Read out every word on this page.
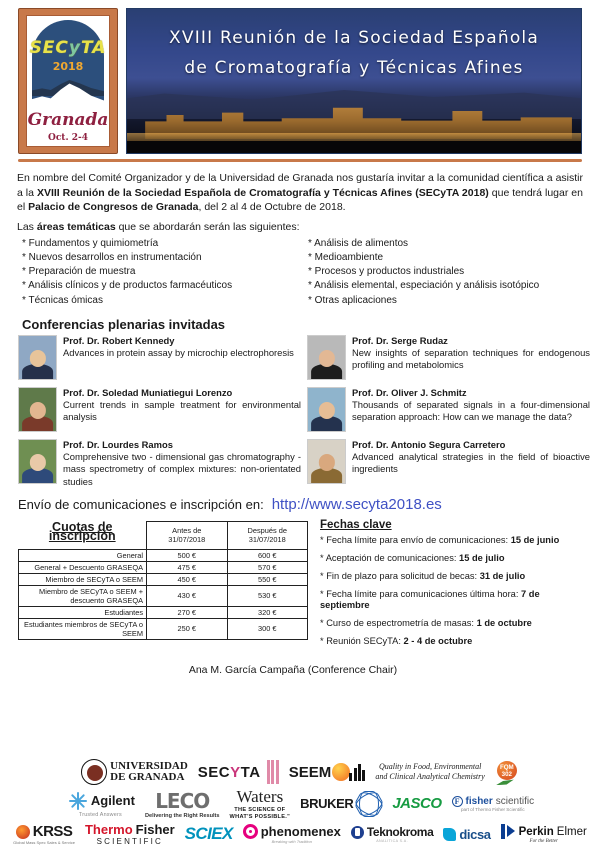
SECyTA
2018
Granada
Oct. 2-4
XVIII Reunión de la Sociedad Española
de Cromatografía y Técnicas Afines

En nombre del Comité Organizador y de la Universidad de Granada nos gustaría invitar a la comunidad científica a asistir a la XVIII Reunión de la Sociedad Española de Cromatografía y Técnicas Afines (SECyTA 2018) que tendrá lugar en el Palacio de Congresos de Granada, del 2 al 4 de Octubre de 2018.

Las áreas temáticas que se abordarán serán las siguientes:

* Fundamentos y quimiometría
* Nuevos desarrollos en instrumentación
* Preparación de muestra
* Análisis clínicos y de productos farmacéuticos
* Técnicas ómicas
* Análisis de alimentos
* Medioambiente
* Procesos y productos industriales
* Análisis elemental, especiación y análisis isotópico
* Otras aplicaciones
Conferencias plenarias invitadas
Prof. Dr. Robert Kennedy
Advances in protein assay by microchip electrophoresis
Prof. Dr. Soledad Muniatiegui Lorenzo
Current trends in sample treatment for environmental analysis
Prof. Dr. Lourdes Ramos
Comprehensive two - dimensional gas chromatography - mass spectrometry of complex mixtures: non-orientated studies
Prof. Dr. Serge Rudaz
New insights of separation techniques for endogenous profiling and metabolomics
Prof. Dr. Oliver J. Schmitz
Thousands of separated signals in a four-dimensional separation approach: How can we manage the data?
Prof. Dr. Antonio Segura Carretero
Advanced analytical strategies in the field of bioactive ingredients
Envío de comunicaciones e inscripción en: http://www.secyta2018.es
Cuotas de inscripción	Antes de
31/07/2018

Después de
31/07/2018

General	500 €	600 €
General + Descuento GRASEQA	475 €	570 €
Miembro de SECyTA o SEEM	450 €	550 €
Miembro de SECyTA o SEEM + descuento GRASEQA	430 €	530 €
Estudiantes	270 €	320 €
Estudiantes miembros de SECyTA o SEEM	250 €	300 €
Fechas clave
* Fecha límite para envío de comunicaciones: 15 de junio
* Aceptación de comunicaciones: 15 de julio
* Fin de plazo para solicitud de becas: 31 de julio
* Fecha límite para comunicaciones última hora: 7 de septiembre
* Curso de espectrometría de masas: 1 de octubre
* Reunión SECyTA: 2 - 4 de octubre
Ana M. García Campaña (Conference Chair)
UNIVERSIDAD
DE GRANADA SECYTA SEEM	Quality in Food, Environmental
and Clinical Analytical Chemistry
FQM
302
Agilent
Trusted Answers
LECO
Delivering the Right Results
Waters
THE SCIENCE OF
WHAT'S POSSIBLE."
BRUKER	JASCO	F fisher scientific
part of Thermo Fisher Scientific
KRSS
Global Mass Spec Sales & Service
Thermo Fisher
SCIENTIFIC SCIEX phenomenex
Breaking with Tradition
Teknokroma
ANALITICA S.A.	dicsa Perkin Elmer
For the Better
